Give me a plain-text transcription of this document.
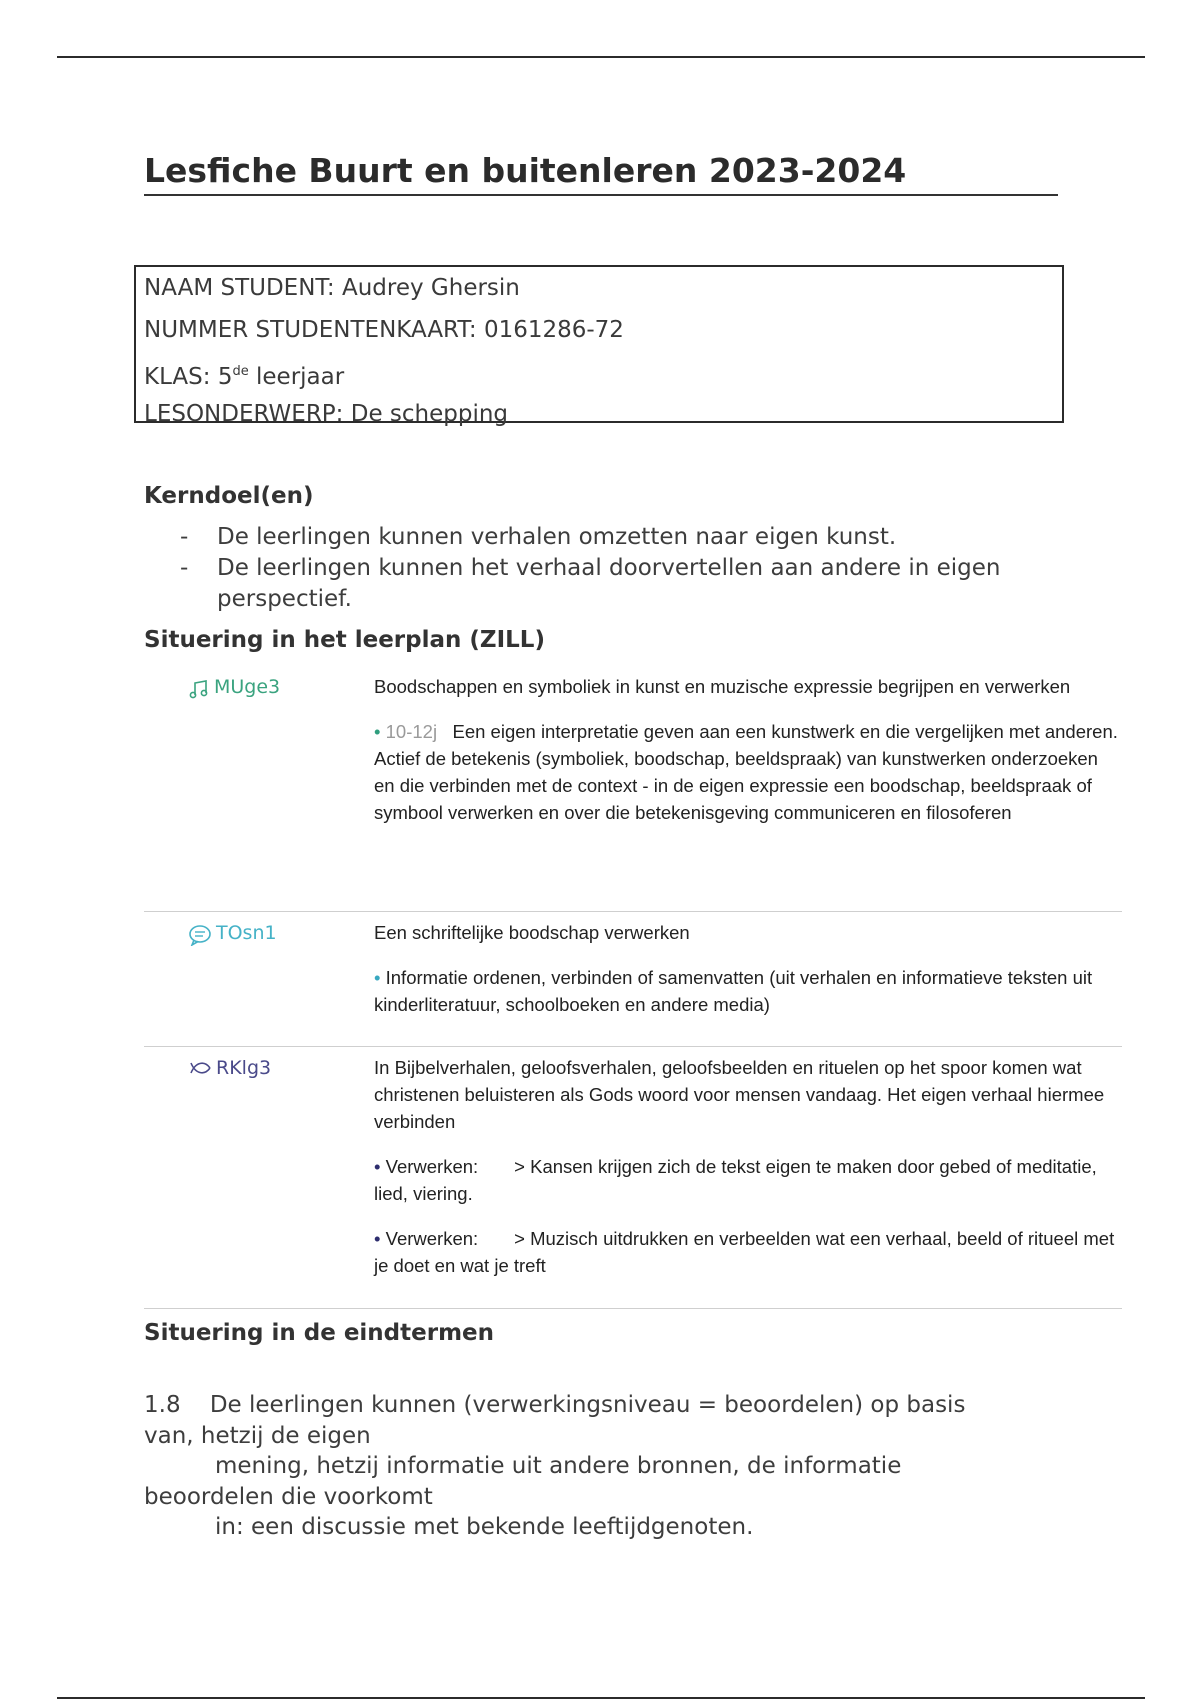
Lesfiche Buurt en buitenleren 2023-2024
NAAM STUDENT: Audrey Ghersin
NUMMER STUDENTENKAART: 0161286-72
KLAS: 5de leerjaar
LESONDERWERP: De schepping
Kerndoel(en)
-	De leerlingen kunnen verhalen omzetten naar eigen kunst.
-	De leerlingen kunnen het verhaal doorvertellen aan andere in eigen perspectief.
Situering in het leerplan (ZILL)
MUge3	Boodschappen en symboliek in kunst en muzische expressie begrijpen en verwerken

• 10-12j Een eigen interpretatie geven aan een kunstwerk en die vergelijken met anderen. Actief de betekenis (symboliek, boodschap, beeldspraak) van kunstwerken onderzoeken en die verbinden met de context - in de eigen expressie een boodschap, beeldspraak of symbool verwerken en over die betekenisgeving communiceren en filosoferen

TOsn1	Een schriftelijke boodschap verwerken

• Informatie ordenen, verbinden of samenvatten (uit verhalen en informatieve teksten uit kinderliteratuur, schoolboeken en andere media)

RKlg3	In Bijbelverhalen, geloofsverhalen, geloofsbeelden en rituelen op het spoor komen wat christenen beluisteren als Gods woord voor mensen vandaag. Het eigen verhaal hiermee verbinden

• Verwerken: > Kansen krijgen zich de tekst eigen te maken door gebed of meditatie, lied, viering.

• Verwerken: > Muzisch uitdrukken en verbeelden wat een verhaal, beeld of ritueel met je doet en wat je treft

Situering in de eindtermen
1.8 De leerlingen kunnen (verwerkingsniveau = beoordelen) op basis
van, hetzij de eigen
mening, hetzij informatie uit andere bronnen, de informatie
beoordelen die voorkomt
in: een discussie met bekende leeftijdgenoten.
